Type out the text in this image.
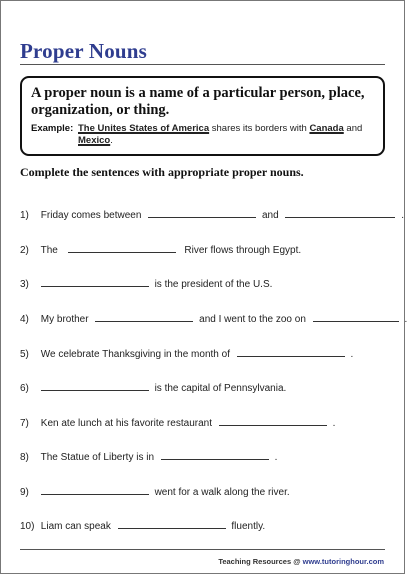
Proper Nouns
A proper noun is a name of a particular person, place, organization, or thing.
Example: The Unites States of America shares its borders with Canada and Mexico.
Complete the sentences with appropriate proper nouns.
1) Friday comes between	and	.
2) The	River flows through Egypt.
3)	is the president of the U.S.
4) My brother	and I went to the zoo on	.
5) We celebrate Thanksgiving in the month of	.
6)	is the capital of Pennsylvania.
7) Ken ate lunch at his favorite restaurant	.
8) The Statue of Liberty is in	.
9)	went for a walk along the river.
10) Liam can speak	fluently.
Teaching Resources @ www.tutoringhour.com
